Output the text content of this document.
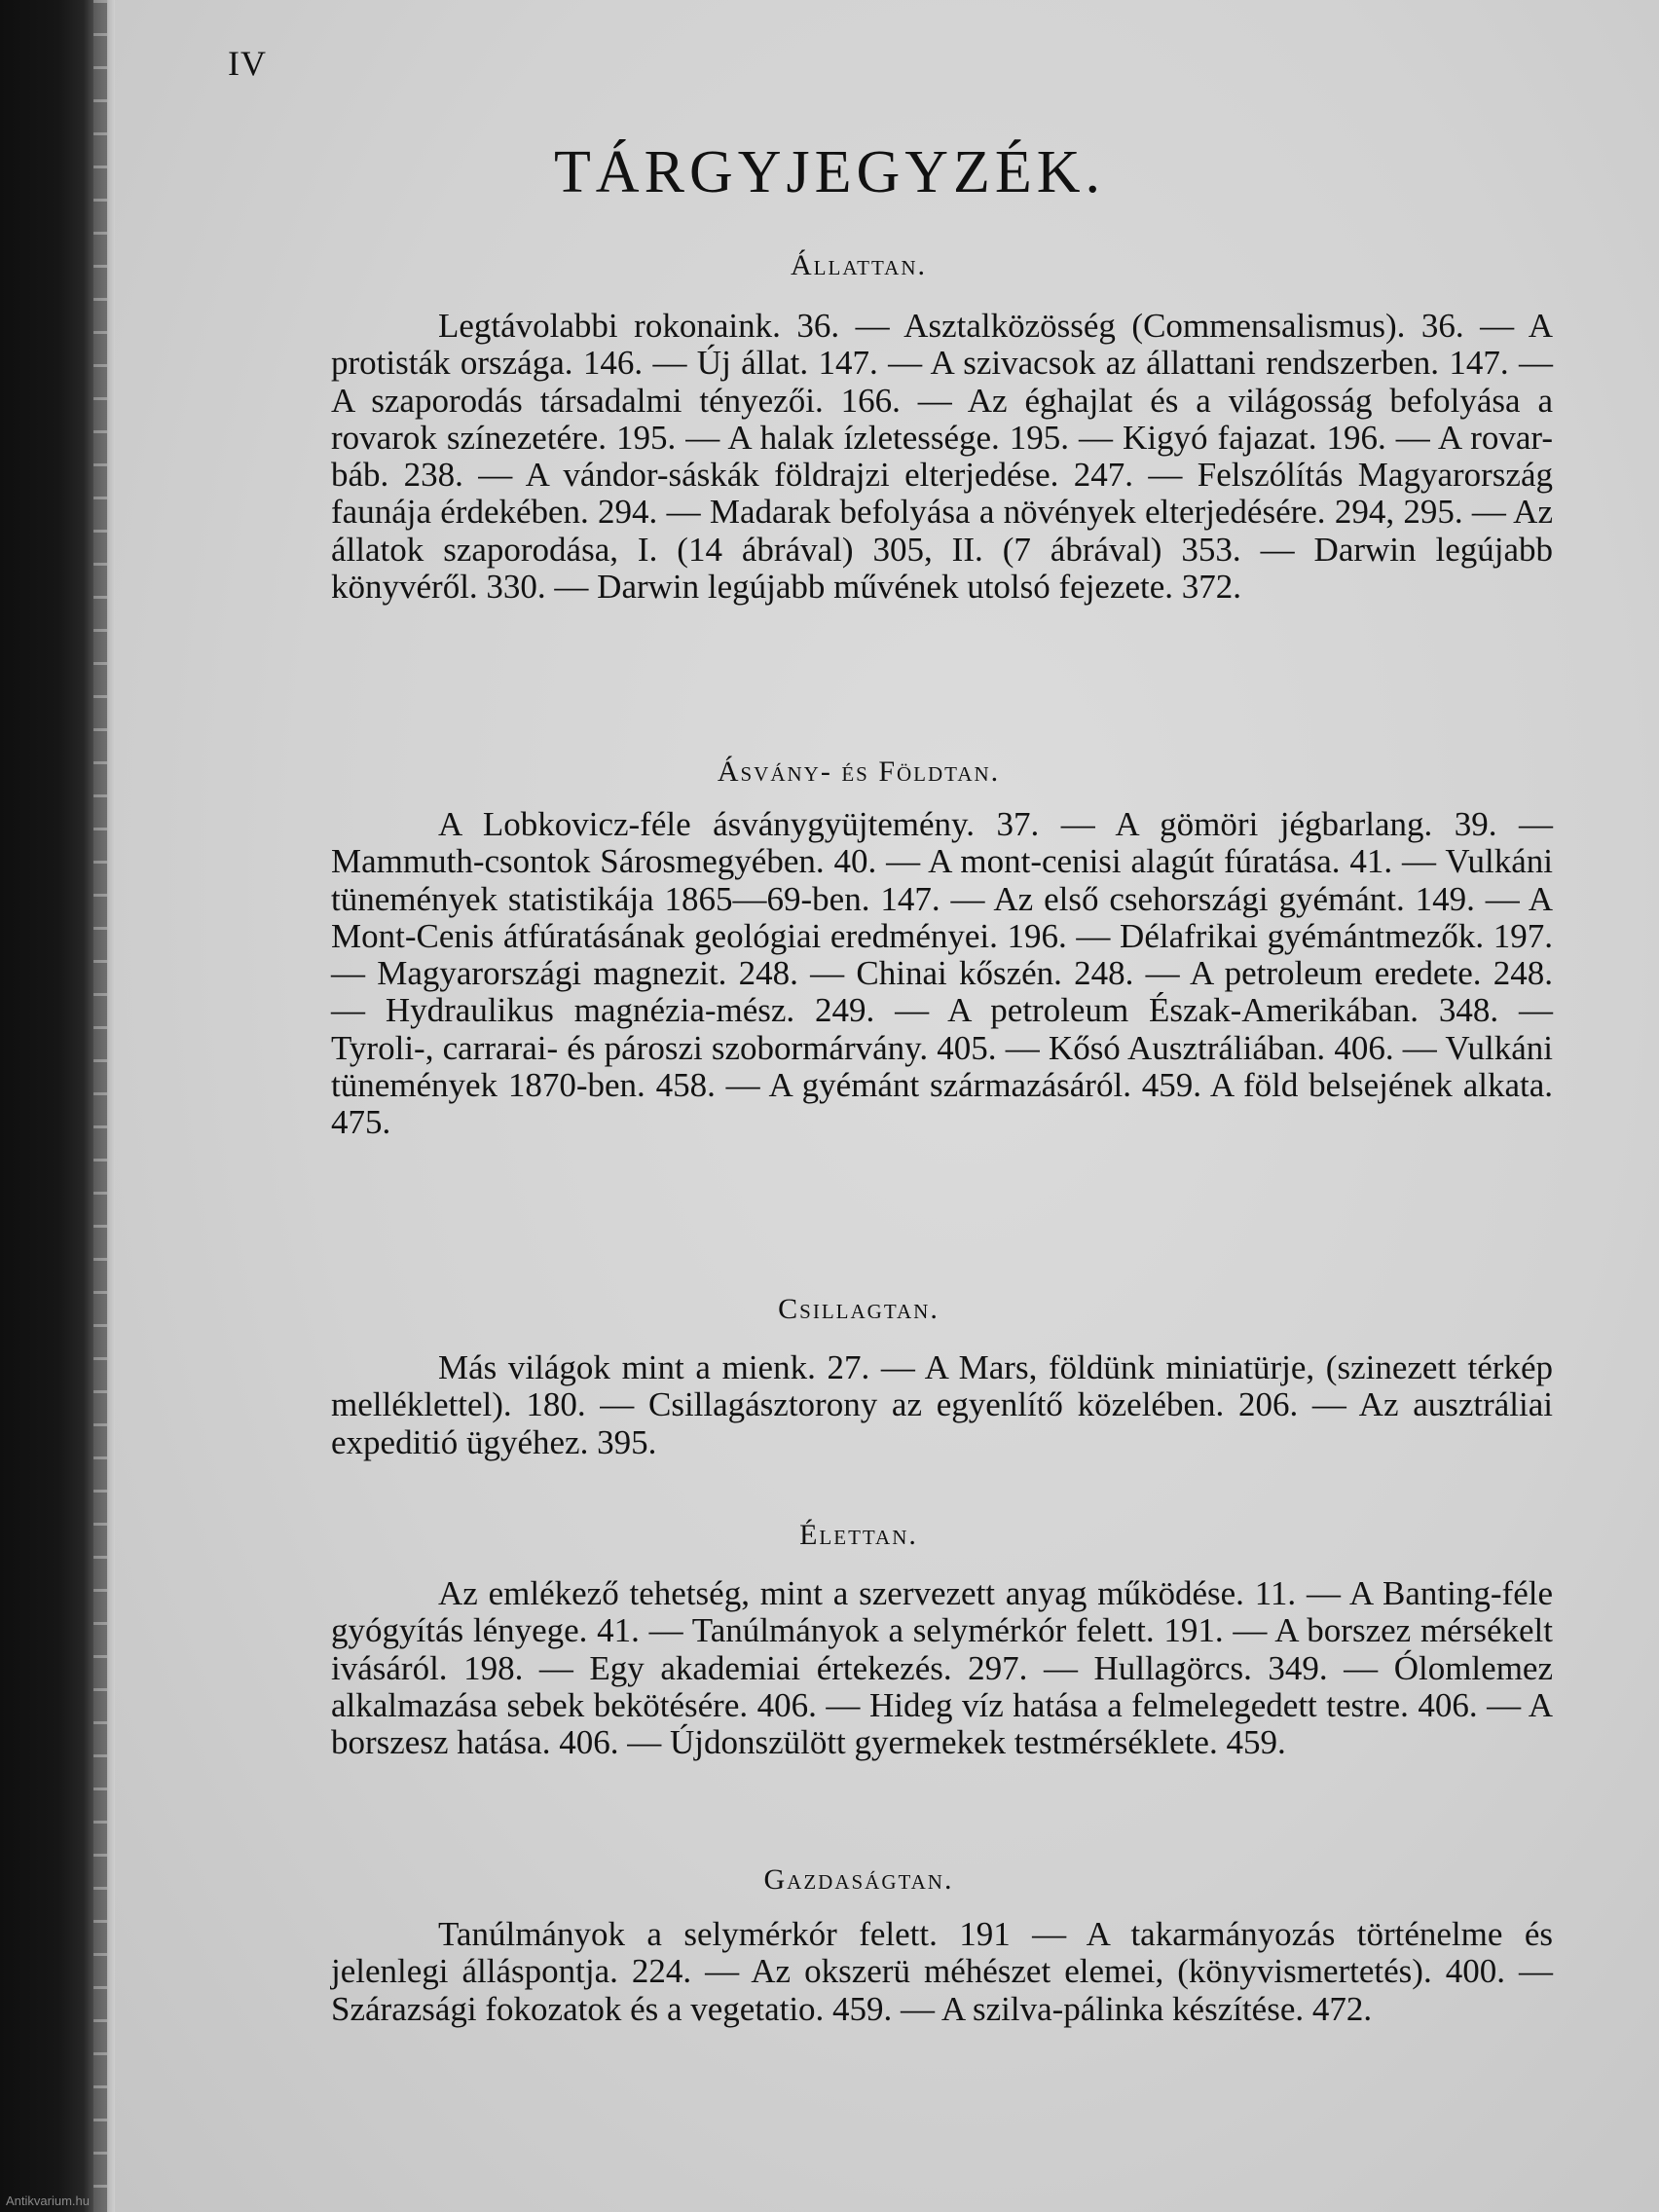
IV
TÁRGYJEGYZÉK.
Állattan.
Legtávolabbi rokonaink. 36. — Asztalközösség (Commensalismus). 36. — A protisták országa. 146. — Új állat. 147. — A szivacsok az állattani rendszerben. 147. — A szaporodás társadalmi tényezői. 166. — Az éghajlat és a világosság befolyása a rovarok színezetére. 195. — A halak ízletessége. 195. — Kigyó fajazat. 196. — A rovar-báb. 238. — A vándor-sáskák földrajzi elterjedése. 247. — Felszólítás Magyarország faunája érdekében. 294. — Madarak befolyása a növények elterjedésére. 294, 295. — Az állatok szaporodása, I. (14 ábrával) 305, II. (7 ábrával) 353. — Darwin legújabb könyvéről. 330. — Darwin legújabb művének utolsó fejezete. 372.
Ásvány- és Földtan.
A Lobkovicz-féle ásványgyüjtemény. 37. — A gömöri jégbarlang. 39. — Mammuth-csontok Sárosmegyében. 40. — A mont-cenisi alagút fúratása. 41. — Vulkáni tünemények statistikája 1865—69-ben. 147. — Az első csehországi gyémánt. 149. — A Mont-Cenis átfúratásának geológiai eredményei. 196. — Délafrikai gyémántmezők. 197. — Magyarországi magnezit. 248. — Chinai kőszén. 248. — A petroleum eredete. 248. — Hydraulikus magnézia-mész. 249. — A petroleum Észak-Amerikában. 348. — Tyroli-, carrarai- és pároszi szobormárvány. 405. — Kősó Ausztráliában. 406. — Vulkáni tünemények 1870-ben. 458. — A gyémánt származásáról. 459. A föld belsejének alkata. 475.
Csillagtan.
Más világok mint a mienk. 27. — A Mars, földünk miniatürje, (szinezett térkép melléklettel). 180. — Csillagásztorony az egyenlítő közelében. 206. — Az ausztráliai expeditió ügyéhez. 395.
Élettan.
Az emlékező tehetség, mint a szervezett anyag működése. 11. — A Banting-féle gyógyítás lényege. 41. — Tanúlmányok a selymérkór felett. 191. — A borszez mérsékelt ivásáról. 198. — Egy akademiai értekezés. 297. — Hullagörcs. 349. — Ólomlemez alkalmazása sebek bekötésére. 406. — Hideg víz hatása a felmelegedett testre. 406. — A borszesz hatása. 406. — Újdonszülött gyermekek testmérséklete. 459.
Gazdaságtan.
Tanúlmányok a selymérkór felett. 191 — A takarmányozás történelme és jelenlegi álláspontja. 224. — Az okszerü méhészet elemei, (könyvismertetés). 400. — Szárazsági fokozatok és a vegetatio. 459. — A szilva-pálinka készítése. 472.
Antikvarium.hu
